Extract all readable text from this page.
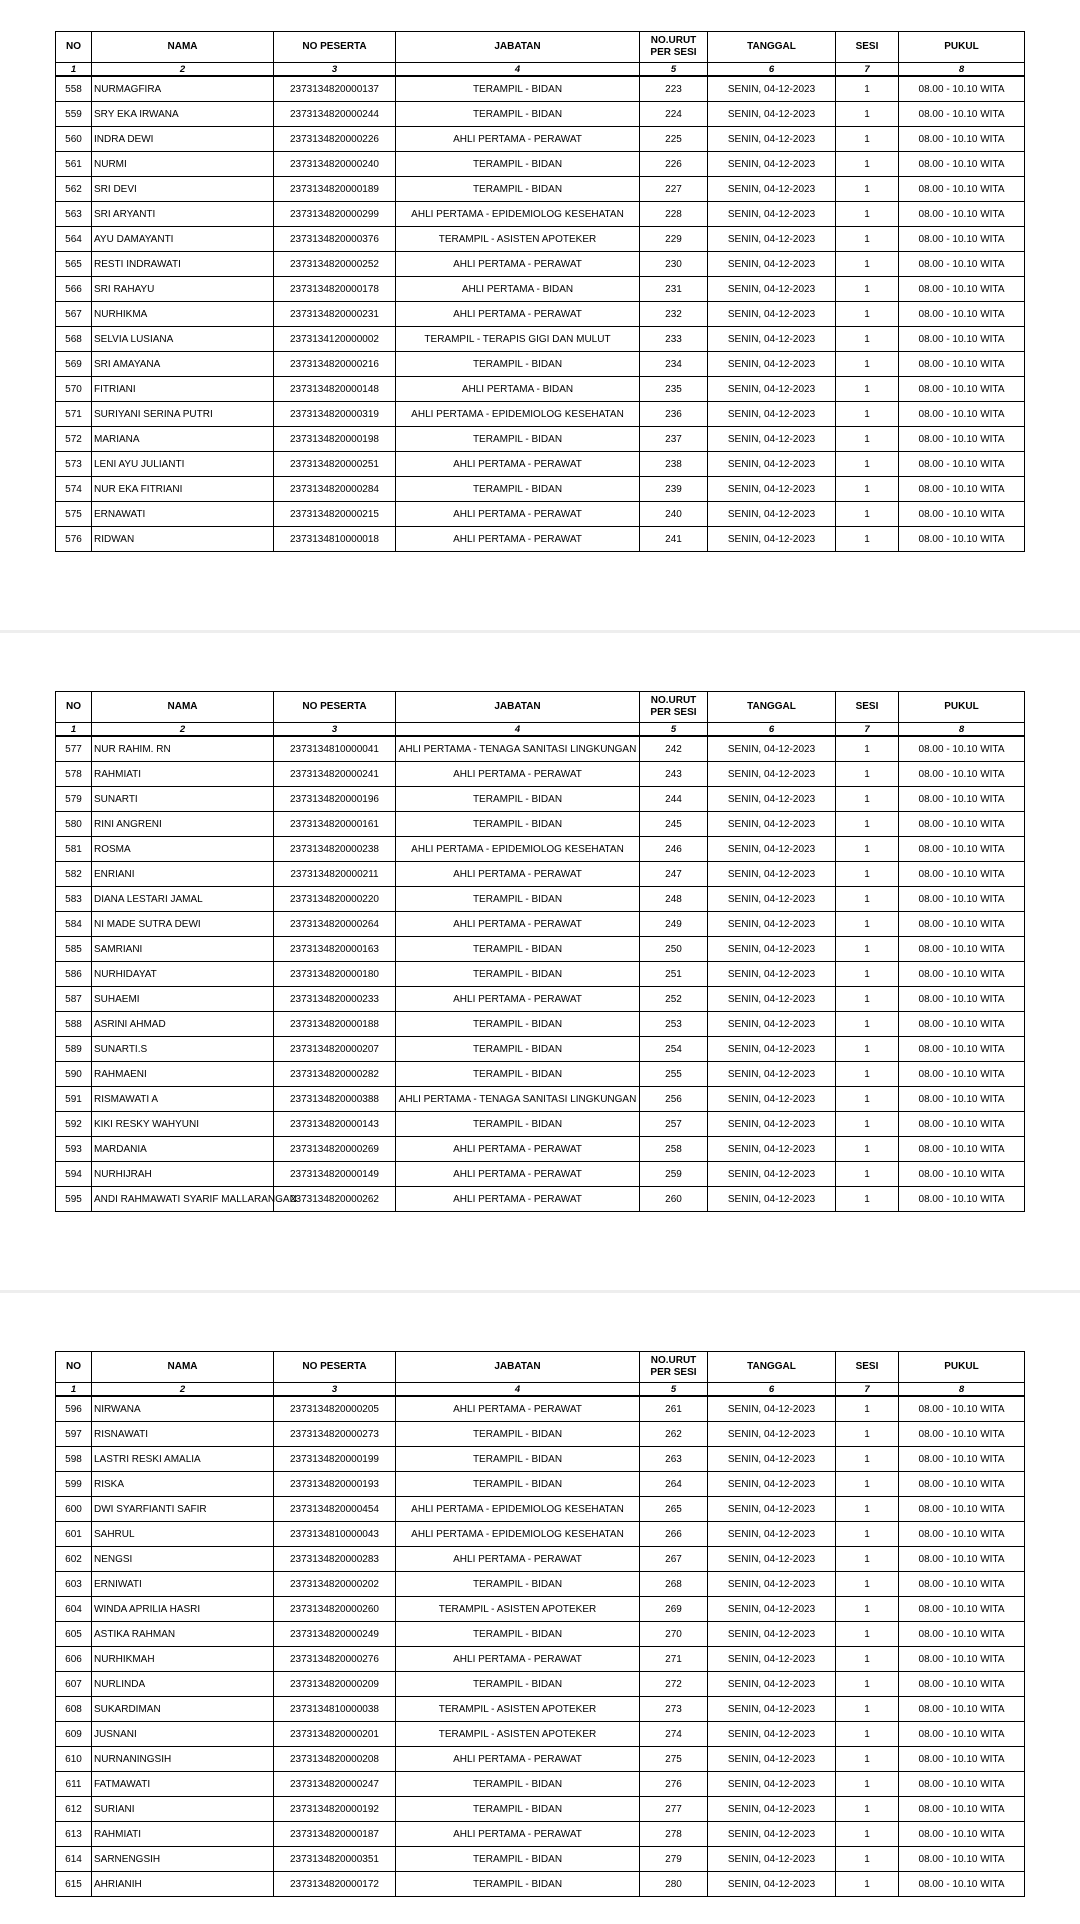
NO	NAMA	NO PESERTA	JABATAN	NO.URUT PER SESI	TANGGAL	SESI	PUKUL
1	2	3	4	5	6	7	8
558	NURMAGFIRA	2373134820000137	TERAMPIL - BIDAN	223	SENIN, 04-12-2023	1	08.00 - 10.10 WITA
559	SRY EKA IRWANA	2373134820000244	TERAMPIL - BIDAN	224	SENIN, 04-12-2023	1	08.00 - 10.10 WITA
560	INDRA DEWI	2373134820000226	AHLI PERTAMA - PERAWAT	225	SENIN, 04-12-2023	1	08.00 - 10.10 WITA
561	NURMI	2373134820000240	TERAMPIL - BIDAN	226	SENIN, 04-12-2023	1	08.00 - 10.10 WITA
562	SRI DEVI	2373134820000189	TERAMPIL - BIDAN	227	SENIN, 04-12-2023	1	08.00 - 10.10 WITA
563	SRI ARYANTI	2373134820000299	AHLI PERTAMA - EPIDEMIOLOG KESEHATAN	228	SENIN, 04-12-2023	1	08.00 - 10.10 WITA
564	AYU DAMAYANTI	2373134820000376	TERAMPIL - ASISTEN APOTEKER	229	SENIN, 04-12-2023	1	08.00 - 10.10 WITA
565	RESTI INDRAWATI	2373134820000252	AHLI PERTAMA - PERAWAT	230	SENIN, 04-12-2023	1	08.00 - 10.10 WITA
566	SRI RAHAYU	2373134820000178	AHLI PERTAMA - BIDAN	231	SENIN, 04-12-2023	1	08.00 - 10.10 WITA
567	NURHIKMA	2373134820000231	AHLI PERTAMA - PERAWAT	232	SENIN, 04-12-2023	1	08.00 - 10.10 WITA
568	SELVIA LUSIANA	2373134120000002	TERAMPIL - TERAPIS GIGI DAN MULUT	233	SENIN, 04-12-2023	1	08.00 - 10.10 WITA
569	SRI AMAYANA	2373134820000216	TERAMPIL - BIDAN	234	SENIN, 04-12-2023	1	08.00 - 10.10 WITA
570	FITRIANI	2373134820000148	AHLI PERTAMA - BIDAN	235	SENIN, 04-12-2023	1	08.00 - 10.10 WITA
571	SURIYANI SERINA PUTRI	2373134820000319	AHLI PERTAMA - EPIDEMIOLOG KESEHATAN	236	SENIN, 04-12-2023	1	08.00 - 10.10 WITA
572	MARIANA	2373134820000198	TERAMPIL - BIDAN	237	SENIN, 04-12-2023	1	08.00 - 10.10 WITA
573	LENI AYU JULIANTI	2373134820000251	AHLI PERTAMA - PERAWAT	238	SENIN, 04-12-2023	1	08.00 - 10.10 WITA
574	NUR EKA FITRIANI	2373134820000284	TERAMPIL - BIDAN	239	SENIN, 04-12-2023	1	08.00 - 10.10 WITA
575	ERNAWATI	2373134820000215	AHLI PERTAMA - PERAWAT	240	SENIN, 04-12-2023	1	08.00 - 10.10 WITA
576	RIDWAN	2373134810000018	AHLI PERTAMA - PERAWAT	241	SENIN, 04-12-2023	1	08.00 - 10.10 WITA
NO	NAMA	NO PESERTA	JABATAN	NO.URUT PER SESI	TANGGAL	SESI	PUKUL
1	2	3	4	5	6	7	8
577	NUR RAHIM. RN	2373134810000041	AHLI PERTAMA - TENAGA SANITASI LINGKUNGAN	242	SENIN, 04-12-2023	1	08.00 - 10.10 WITA
578	RAHMIATI	2373134820000241	AHLI PERTAMA - PERAWAT	243	SENIN, 04-12-2023	1	08.00 - 10.10 WITA
579	SUNARTI	2373134820000196	TERAMPIL - BIDAN	244	SENIN, 04-12-2023	1	08.00 - 10.10 WITA
580	RINI ANGRENI	2373134820000161	TERAMPIL - BIDAN	245	SENIN, 04-12-2023	1	08.00 - 10.10 WITA
581	ROSMA	2373134820000238	AHLI PERTAMA - EPIDEMIOLOG KESEHATAN	246	SENIN, 04-12-2023	1	08.00 - 10.10 WITA
582	ENRIANI	2373134820000211	AHLI PERTAMA - PERAWAT	247	SENIN, 04-12-2023	1	08.00 - 10.10 WITA
583	DIANA LESTARI JAMAL	2373134820000220	TERAMPIL - BIDAN	248	SENIN, 04-12-2023	1	08.00 - 10.10 WITA
584	NI MADE SUTRA DEWI	2373134820000264	AHLI PERTAMA - PERAWAT	249	SENIN, 04-12-2023	1	08.00 - 10.10 WITA
585	SAMRIANI	2373134820000163	TERAMPIL - BIDAN	250	SENIN, 04-12-2023	1	08.00 - 10.10 WITA
586	NURHIDAYAT	2373134820000180	TERAMPIL - BIDAN	251	SENIN, 04-12-2023	1	08.00 - 10.10 WITA
587	SUHAEMI	2373134820000233	AHLI PERTAMA - PERAWAT	252	SENIN, 04-12-2023	1	08.00 - 10.10 WITA
588	ASRINI AHMAD	2373134820000188	TERAMPIL - BIDAN	253	SENIN, 04-12-2023	1	08.00 - 10.10 WITA
589	SUNARTI.S	2373134820000207	TERAMPIL - BIDAN	254	SENIN, 04-12-2023	1	08.00 - 10.10 WITA
590	RAHMAENI	2373134820000282	TERAMPIL - BIDAN	255	SENIN, 04-12-2023	1	08.00 - 10.10 WITA
591	RISMAWATI A	2373134820000388	AHLI PERTAMA - TENAGA SANITASI LINGKUNGAN	256	SENIN, 04-12-2023	1	08.00 - 10.10 WITA
592	KIKI RESKY WAHYUNI	2373134820000143	TERAMPIL - BIDAN	257	SENIN, 04-12-2023	1	08.00 - 10.10 WITA
593	MARDANIA	2373134820000269	AHLI PERTAMA - PERAWAT	258	SENIN, 04-12-2023	1	08.00 - 10.10 WITA
594	NURHIJRAH	2373134820000149	AHLI PERTAMA - PERAWAT	259	SENIN, 04-12-2023	1	08.00 - 10.10 WITA
595	ANDI RAHMAWATI SYARIF MALLARANGAN	2373134820000262	AHLI PERTAMA - PERAWAT	260	SENIN, 04-12-2023	1	08.00 - 10.10 WITA
NO	NAMA	NO PESERTA	JABATAN	NO.URUT PER SESI	TANGGAL	SESI	PUKUL
1	2	3	4	5	6	7	8
596	NIRWANA	2373134820000205	AHLI PERTAMA - PERAWAT	261	SENIN, 04-12-2023	1	08.00 - 10.10 WITA
597	RISNAWATI	2373134820000273	TERAMPIL - BIDAN	262	SENIN, 04-12-2023	1	08.00 - 10.10 WITA
598	LASTRI RESKI AMALIA	2373134820000199	TERAMPIL - BIDAN	263	SENIN, 04-12-2023	1	08.00 - 10.10 WITA
599	RISKA	2373134820000193	TERAMPIL - BIDAN	264	SENIN, 04-12-2023	1	08.00 - 10.10 WITA
600	DWI SYARFIANTI SAFIR	2373134820000454	AHLI PERTAMA - EPIDEMIOLOG KESEHATAN	265	SENIN, 04-12-2023	1	08.00 - 10.10 WITA
601	SAHRUL	2373134810000043	AHLI PERTAMA - EPIDEMIOLOG KESEHATAN	266	SENIN, 04-12-2023	1	08.00 - 10.10 WITA
602	NENGSI	2373134820000283	AHLI PERTAMA - PERAWAT	267	SENIN, 04-12-2023	1	08.00 - 10.10 WITA
603	ERNIWATI	2373134820000202	TERAMPIL - BIDAN	268	SENIN, 04-12-2023	1	08.00 - 10.10 WITA
604	WINDA APRILIA HASRI	2373134820000260	TERAMPIL - ASISTEN APOTEKER	269	SENIN, 04-12-2023	1	08.00 - 10.10 WITA
605	ASTIKA RAHMAN	2373134820000249	TERAMPIL - BIDAN	270	SENIN, 04-12-2023	1	08.00 - 10.10 WITA
606	NURHIKMAH	2373134820000276	AHLI PERTAMA - PERAWAT	271	SENIN, 04-12-2023	1	08.00 - 10.10 WITA
607	NURLINDA	2373134820000209	TERAMPIL - BIDAN	272	SENIN, 04-12-2023	1	08.00 - 10.10 WITA
608	SUKARDIMAN	2373134810000038	TERAMPIL - ASISTEN APOTEKER	273	SENIN, 04-12-2023	1	08.00 - 10.10 WITA
609	JUSNANI	2373134820000201	TERAMPIL - ASISTEN APOTEKER	274	SENIN, 04-12-2023	1	08.00 - 10.10 WITA
610	NURNANINGSIH	2373134820000208	AHLI PERTAMA - PERAWAT	275	SENIN, 04-12-2023	1	08.00 - 10.10 WITA
611	FATMAWATI	2373134820000247	TERAMPIL - BIDAN	276	SENIN, 04-12-2023	1	08.00 - 10.10 WITA
612	SURIANI	2373134820000192	TERAMPIL - BIDAN	277	SENIN, 04-12-2023	1	08.00 - 10.10 WITA
613	RAHMIATI	2373134820000187	AHLI PERTAMA - PERAWAT	278	SENIN, 04-12-2023	1	08.00 - 10.10 WITA
614	SARNENGSIH	2373134820000351	TERAMPIL - BIDAN	279	SENIN, 04-12-2023	1	08.00 - 10.10 WITA
615	AHRIANIH	2373134820000172	TERAMPIL - BIDAN	280	SENIN, 04-12-2023	1	08.00 - 10.10 WITA
